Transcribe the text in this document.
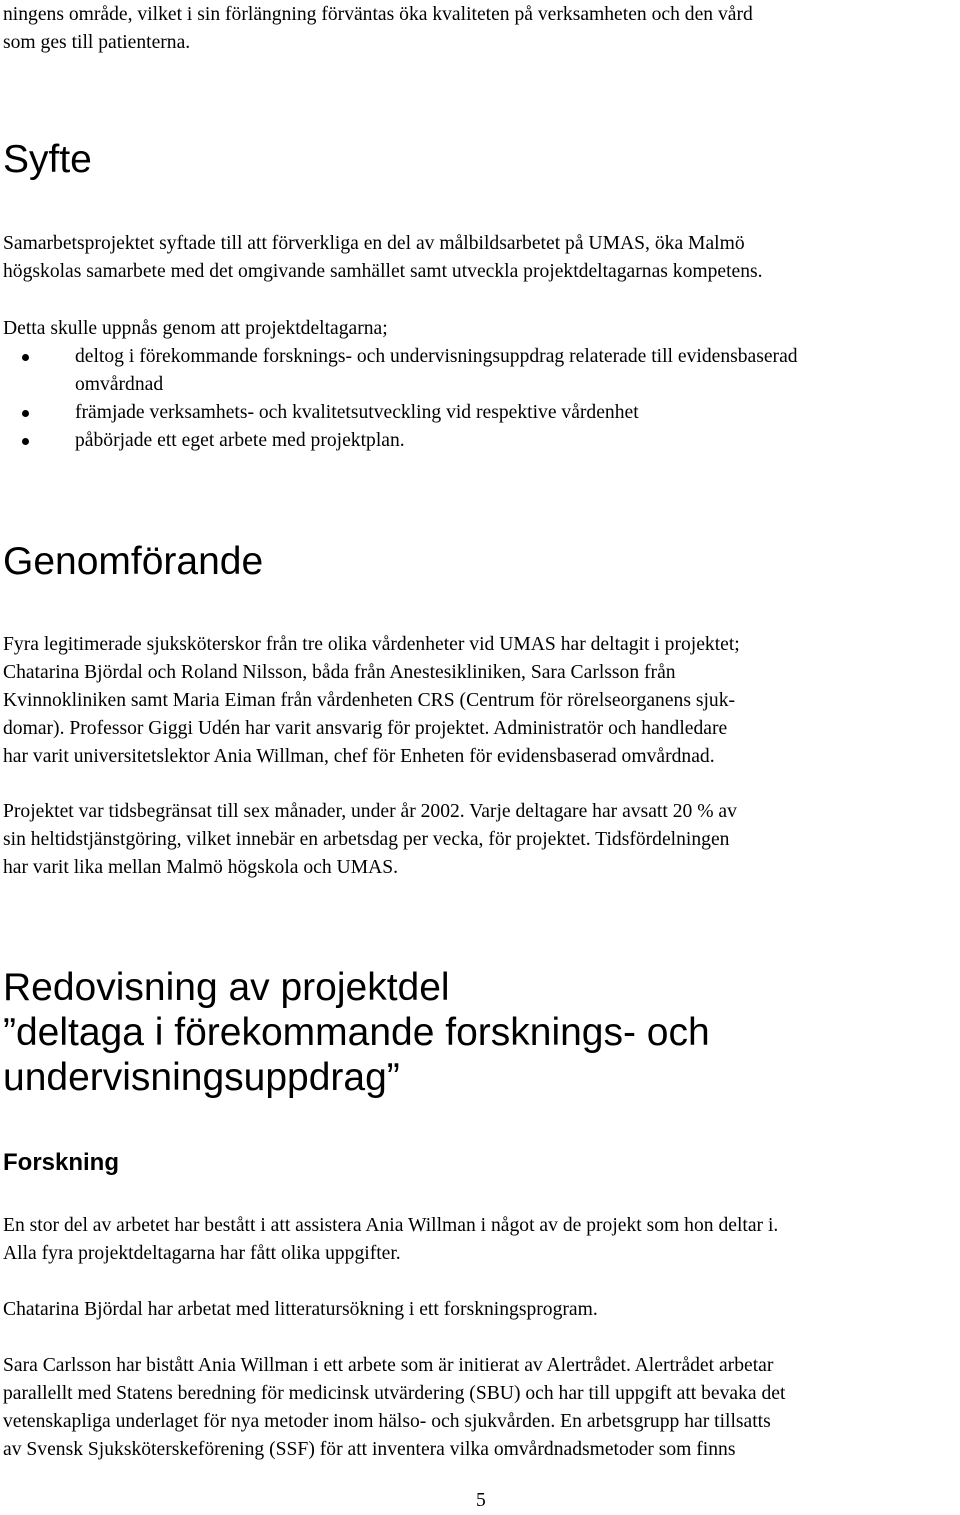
ningens område, vilket i sin förlängning förväntas öka kvaliteten på verksamheten och den vård
som ges till patienterna.
Syfte
Samarbetsprojektet syftade till att förverkliga en del av målbildsarbetet på UMAS, öka Malmö
högskolas samarbete med det omgivande samhället samt utveckla projektdeltagarnas kompetens.
Detta skulle uppnås genom att projektdeltagarna;
deltog i förekommande forsknings- och undervisningsuppdrag relaterade till evidensbaserad
omvårdnad
främjade verksamhets- och kvalitetsutveckling vid respektive vårdenhet
påbörjade ett eget arbete med projektplan.
Genomförande
Fyra legitimerade sjuksköterskor från tre olika vårdenheter vid UMAS har deltagit i projektet;
Chatarina Björdal och Roland Nilsson, båda från Anestesikliniken, Sara Carlsson från
Kvinnokliniken samt Maria Eiman från vårdenheten CRS (Centrum för rörelseorganens sjuk-
domar). Professor Giggi Udén har varit ansvarig för projektet. Administratör och handledare
har varit universitetslektor Ania Willman, chef för Enheten för evidensbaserad omvårdnad.
Projektet var tidsbegränsat till sex månader, under år 2002. Varje deltagare har avsatt 20 % av
sin heltidstjänstgöring, vilket innebär en arbetsdag per vecka, för projektet. Tidsfördelningen
har varit lika mellan Malmö högskola och UMAS.
Redovisning av projektdel
”deltaga i förekommande forsknings- och
undervisningsuppdrag”
Forskning
En stor del av arbetet har bestått i att assistera Ania Willman i något av de projekt som hon deltar i.
Alla fyra projektdeltagarna har fått olika uppgifter.
Chatarina Björdal har arbetat med litteratursökning i ett forskningsprogram.
Sara Carlsson har bistått Ania Willman i ett arbete som är initierat av Alertrådet. Alertrådet arbetar
parallellt med Statens beredning för medicinsk utvärdering (SBU) och har till uppgift att bevaka det
vetenskapliga underlaget för nya metoder inom hälso- och sjukvården. En arbetsgrupp har tillsatts
av Svensk Sjuksköterskeförening (SSF) för att inventera vilka omvårdnadsmetoder som finns
5
